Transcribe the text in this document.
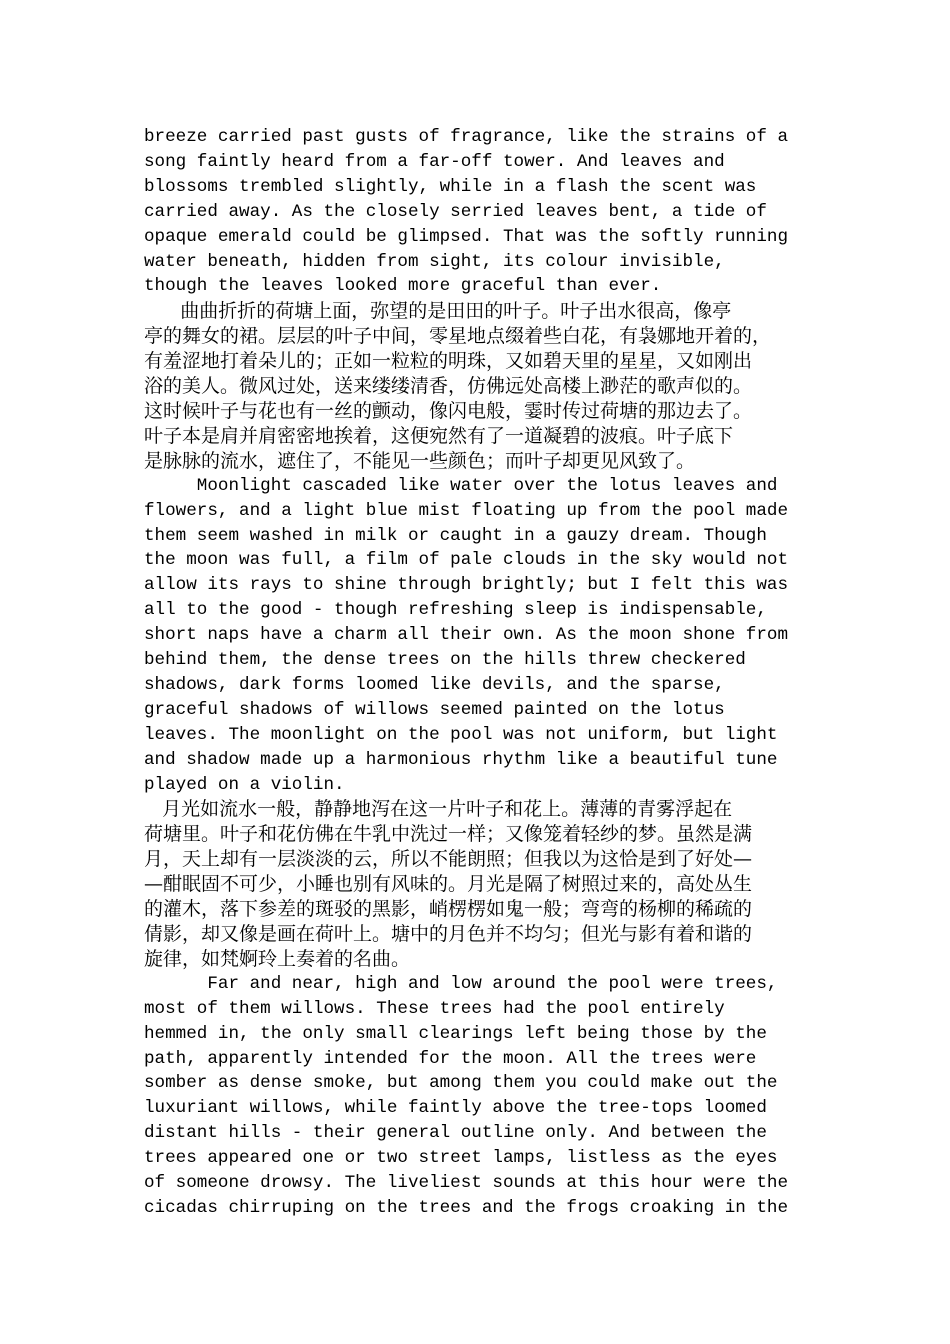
breeze carried past gusts of fragrance, like the strains of a
song faintly heard from a far-off tower. And leaves and
blossoms trembled slightly, while in a flash the scent was
carried away. As the closely serried leaves bent, a tide of
opaque emerald could be glimpsed. That was the softly running
water beneath, hidden from sight, its colour invisible,
though the leaves looked more graceful than ever.
曲曲折折的荷塘上面，弥望的是田田的叶子。叶子出水很高，像亭
亭的舞女的裙。层层的叶子中间，零星地点缀着些白花，有袅娜地开着的，
有羞涩地打着朵儿的；正如一粒粒的明珠，又如碧天里的星星，又如刚出
浴的美人。微风过处，送来缕缕清香，仿佛远处高楼上渺茫的歌声似的。
这时候叶子与花也有一丝的颤动，像闪电般，霎时传过荷塘的那边去了。
叶子本是肩并肩密密地挨着，这便宛然有了一道凝碧的波痕。叶子底下
是脉脉的流水，遮住了，不能见一些颜色；而叶子却更见风致了。
Moonlight cascaded like water over the lotus leaves and
flowers, and a light blue mist floating up from the pool made
them seem washed in milk or caught in a gauzy dream. Though
the moon was full, a film of pale clouds in the sky would not
allow its rays to shine through brightly; but I felt this was
all to the good - though refreshing sleep is indispensable,
short naps have a charm all their own. As the moon shone from
behind them, the dense trees on the hills threw checkered
shadows, dark forms loomed like devils, and the sparse,
graceful shadows of willows seemed painted on the lotus
leaves. The moonlight on the pool was not uniform, but light
and shadow made up a harmonious rhythm like a beautiful tune
played on a violin.
月光如流水一般，静静地泻在这一片叶子和花上。薄薄的青雾浮起在
荷塘里。叶子和花仿佛在牛乳中洗过一样；又像笼着轻纱的梦。虽然是满
月，天上却有一层淡淡的云，所以不能朗照；但我以为这恰是到了好处—
—酣眠固不可少，小睡也别有风味的。月光是隔了树照过来的，高处丛生
的灌木，落下参差的斑驳的黑影，峭楞楞如鬼一般；弯弯的杨柳的稀疏的
倩影，却又像是画在荷叶上。塘中的月色并不均匀；但光与影有着和谐的
旋律，如梵婀玲上奏着的名曲。
Far and near, high and low around the pool were trees,
most of them willows. These trees had the pool entirely
hemmed in, the only small clearings left being those by the
path, apparently intended for the moon. All the trees were
somber as dense smoke, but among them you could make out the
luxuriant willows, while faintly above the tree-tops loomed
distant hills - their general outline only. And between the
trees appeared one or two street lamps, listless as the eyes
of someone drowsy. The liveliest sounds at this hour were the
cicadas chirruping on the trees and the frogs croaking in the
